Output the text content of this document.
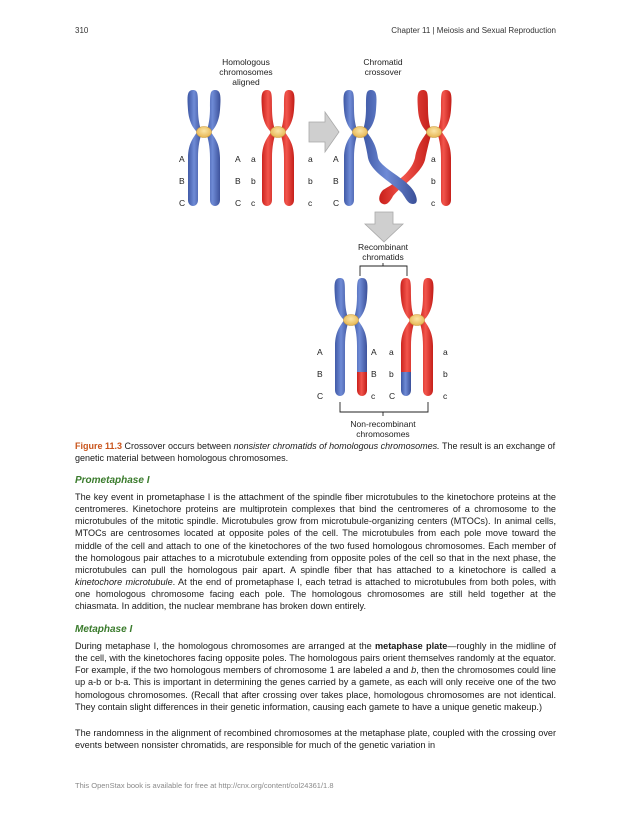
310	Chapter 11 | Meiosis and Sexual Reproduction
Homologous
chromosomes
aligned
A
B
C
A
B
C
a
b
c
a
b
c
Chromatid
crossover
A
B
C
a
b
c
Recombinant
chromatids
A
B
C
A
B
c
a
b
C
a
b
c
Non-recombinant
chromosomes

Figure 11.3 Crossover occurs between nonsister chromatids of homologous chromosomes. The result is an exchange of genetic material between homologous chromosomes.

Prometaphase I

The key event in prometaphase I is the attachment of the spindle fiber microtubules to the kinetochore proteins at the centromeres. Kinetochore proteins are multiprotein complexes that bind the centromeres of a chromosome to the microtubules of the mitotic spindle. Microtubules grow from microtubule-organizing centers (MTOCs). In animal cells, MTOCs are centrosomes located at opposite poles of the cell. The microtubules from each pole move toward the middle of the cell and attach to one of the kinetochores of the two fused homologous chromosomes. Each member of the homologous pair attaches to a microtubule extending from opposite poles of the cell so that in the next phase, the microtubules can pull the homologous pair apart. A spindle fiber that has attached to a kinetochore is called a kinetochore microtubule. At the end of prometaphase I, each tetrad is attached to microtubules from both poles, with one homologous chromosome facing each pole. The homologous chromosomes are still held together at the chiasmata. In addition, the nuclear membrane has broken down entirely.

Metaphase I

During metaphase I, the homologous chromosomes are arranged at the metaphase plate—roughly in the midline of the cell, with the kinetochores facing opposite poles. The homologous pairs orient themselves randomly at the equator. For example, if the two homologous members of chromosome 1 are labeled a and b, then the chromosomes could line up a-b or b-a. This is important in determining the genes carried by a gamete, as each will only receive one of the two homologous chromosomes. (Recall that after crossing over takes place, homologous chromosomes are not identical. They contain slight differences in their genetic information, causing each gamete to have a unique genetic makeup.)

The randomness in the alignment of recombined chromosomes at the metaphase plate, coupled with the crossing over events between nonsister chromatids, are responsible for much of the genetic variation in

This OpenStax book is available for free at http://cnx.org/content/col24361/1.8
